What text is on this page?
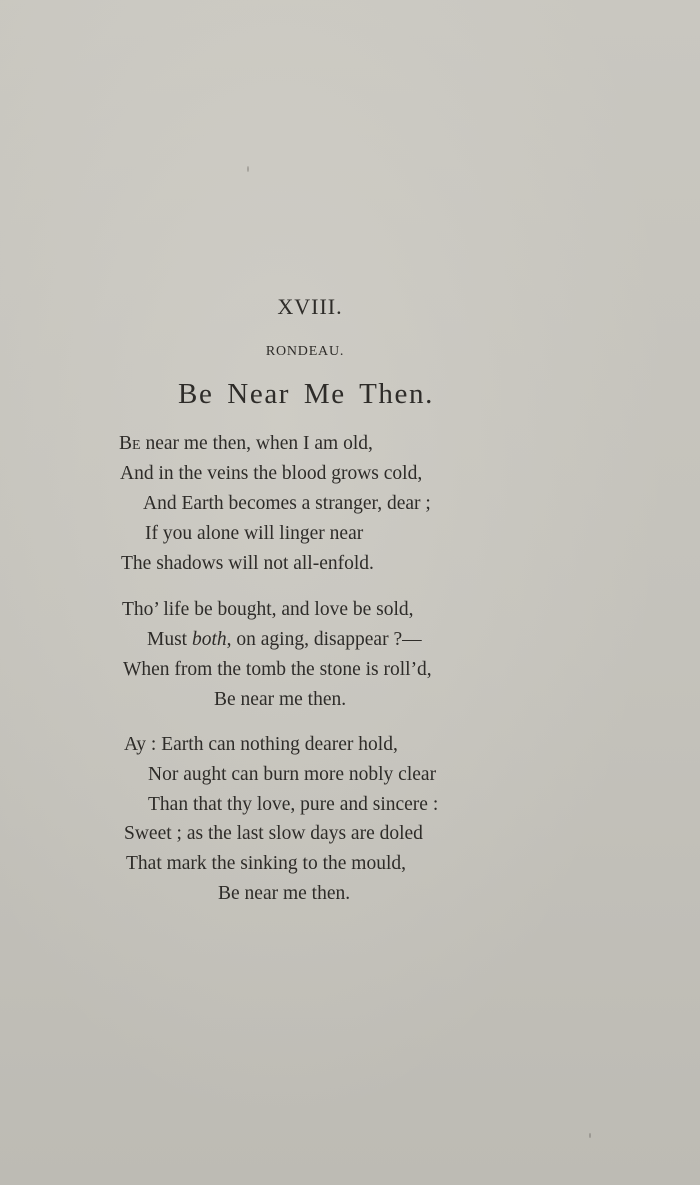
XVIII.
RONDEAU.
Be Near Me Then.
Be near me then, when I am old,
And in the veins the blood grows cold,
And Earth becomes a stranger, dear ;
If you alone will linger near
The shadows will not all-enfold.
Tho’ life be bought, and love be sold,
Must both, on aging, disappear ?—
When from the tomb the stone is roll’d,
Be near me then.
Ay : Earth can nothing dearer hold,
Nor aught can burn more nobly clear
Than that thy love, pure and sincere :
Sweet ; as the last slow days are doled
That mark the sinking to the mould,
Be near me then.
